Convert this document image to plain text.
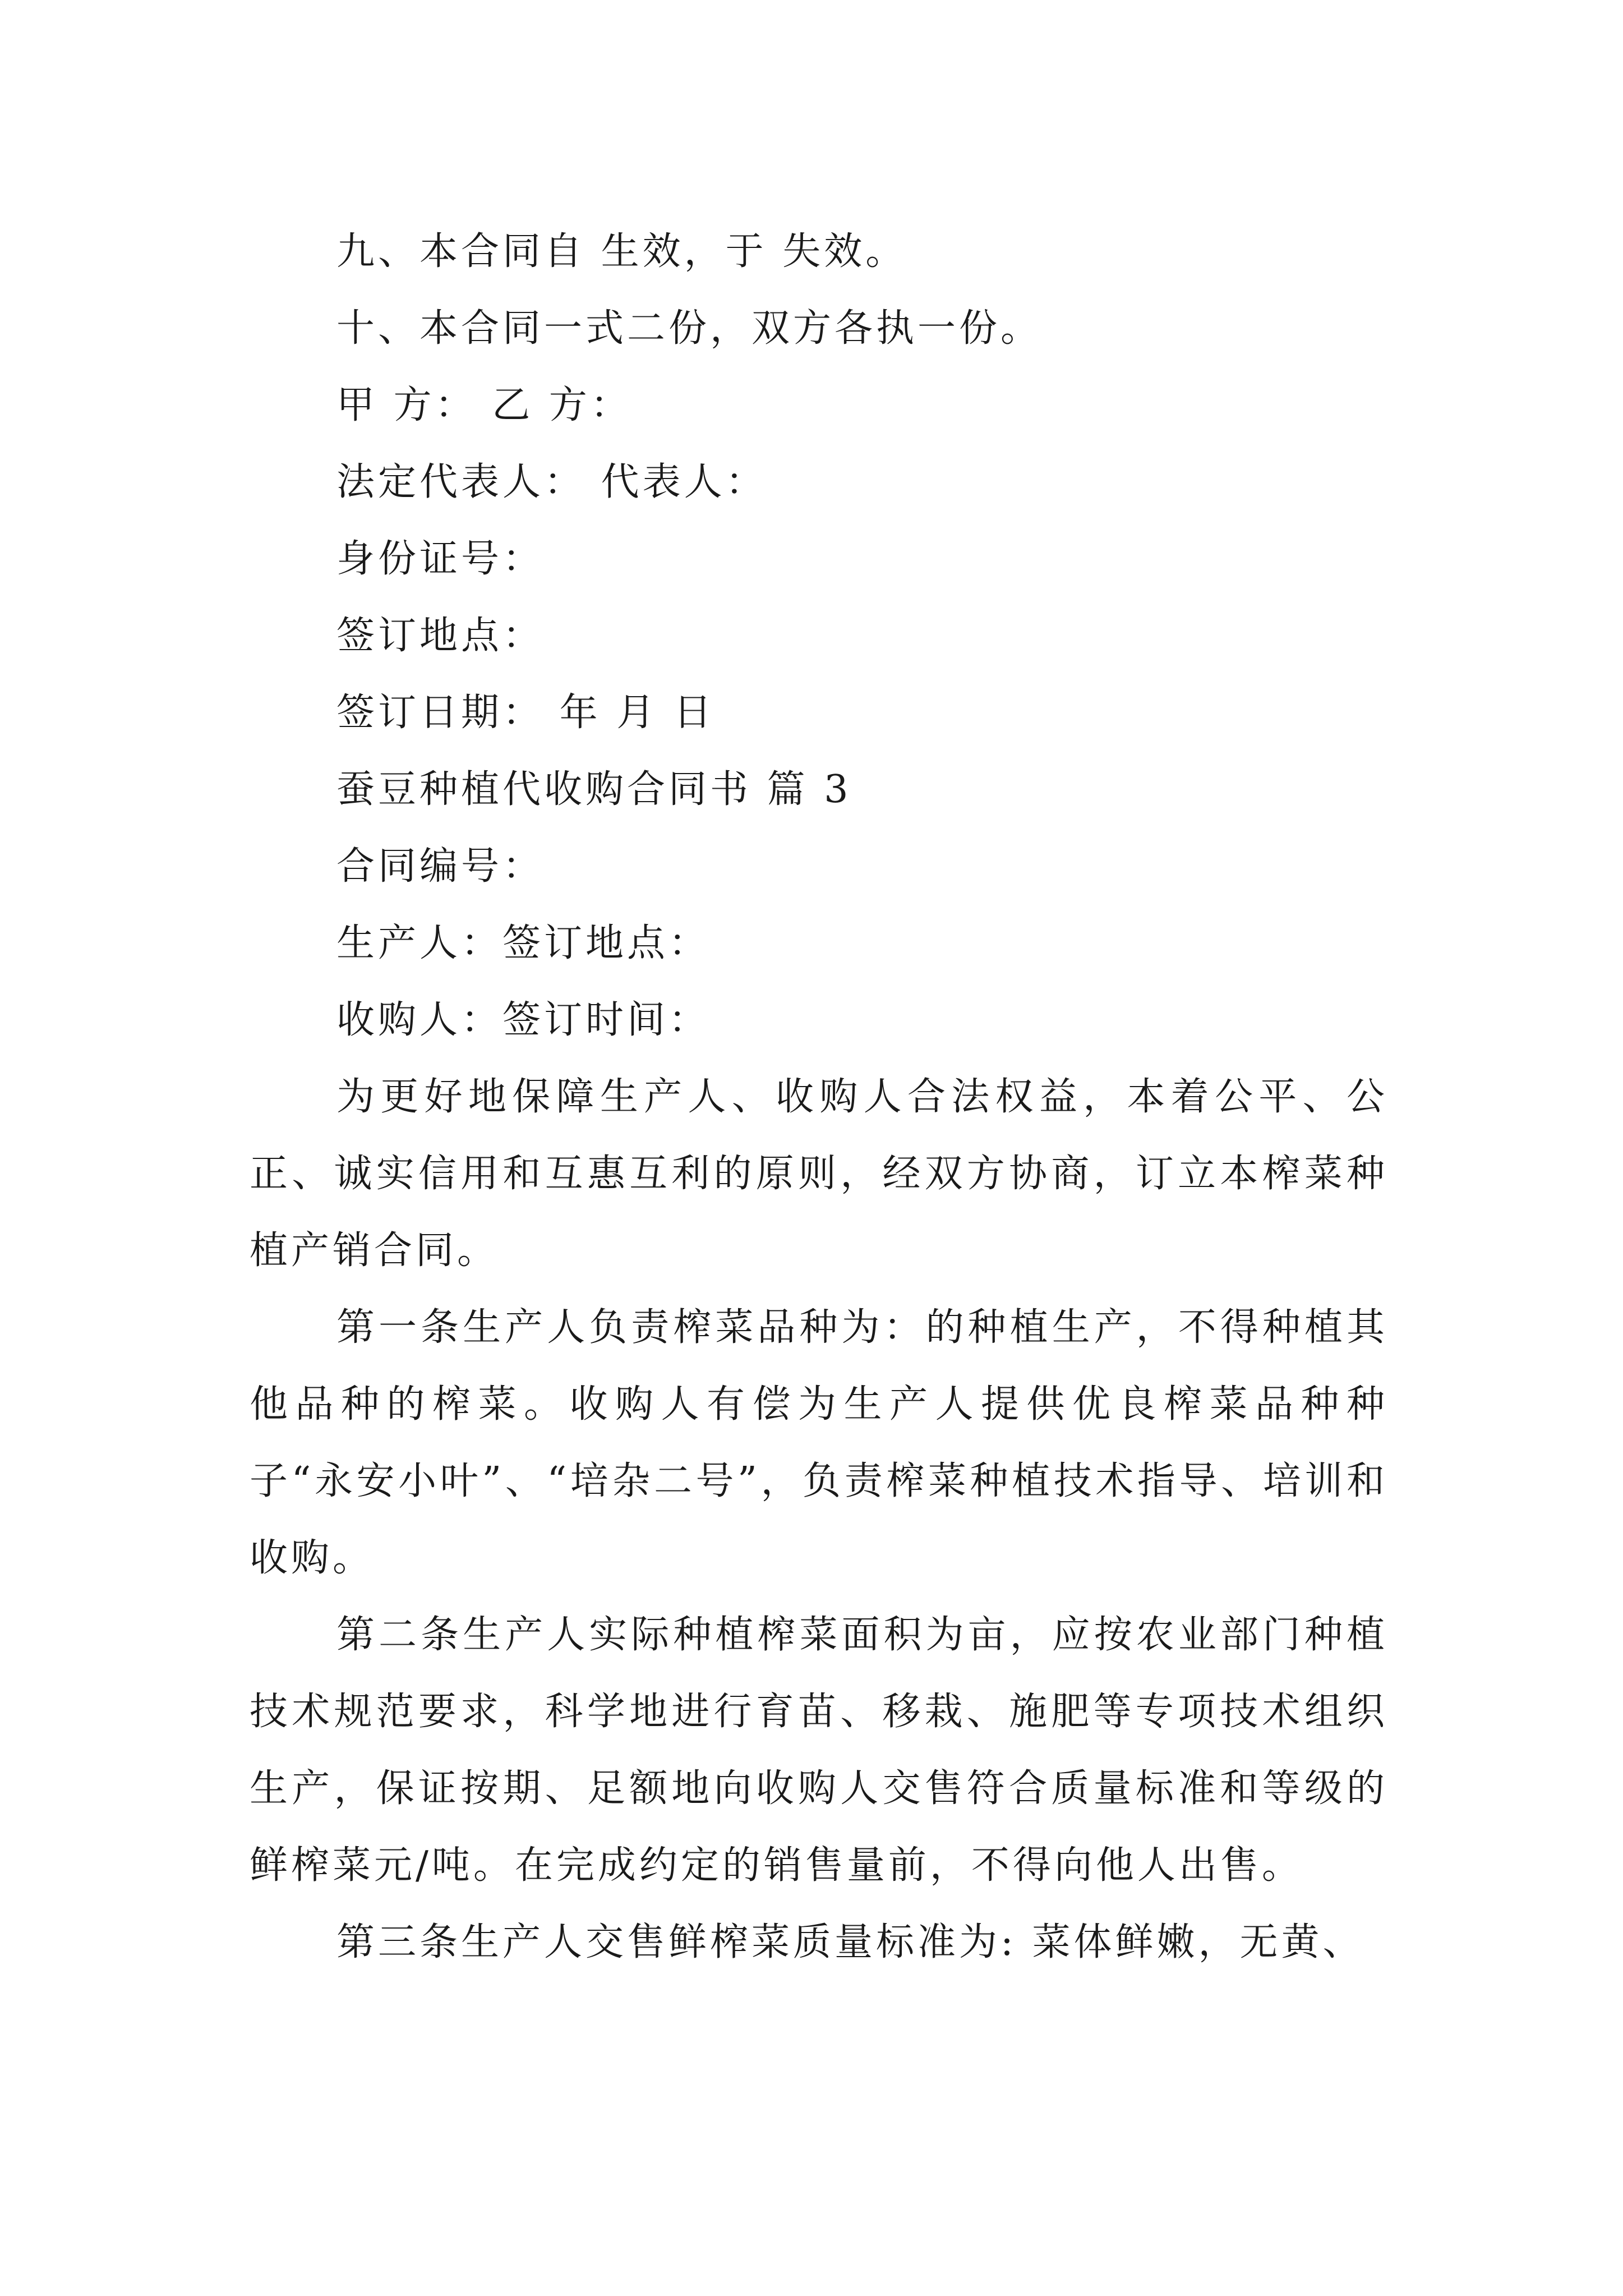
九、本合同自 生效，于 失效。
十、本合同一式二份，双方各执一份。
甲 方： 乙 方：
法定代表人： 代表人：
身份证号：
签订地点：
签订日期： 年 月 日
蚕豆种植代收购合同书 篇 3
合同编号：
生产人：签订地点：
收购人：签订时间：

为更好地保障生产人、收购人合法权益，本着公平、公正、诚实信用和互惠互利的原则，经双方协商，订立本榨菜种植产销合同。

第一条生产人负责榨菜品种为：的种植生产，不得种植其他品种的榨菜。收购人有偿为生产人提供优良榨菜品种种子“永安小叶”、“培杂二号”，负责榨菜种植技术指导、培训和收购。

第二条生产人实际种植榨菜面积为亩，应按农业部门种植技术规范要求，科学地进行育苗、移栽、施肥等专项技术组织生产，保证按期、足额地向收购人交售符合质量标准和等级的鲜榨菜元/吨。在完成约定的销售量前，不得向他人出售。

第三条生产人交售鲜榨菜质量标准为: 菜体鲜嫩，无黄、
